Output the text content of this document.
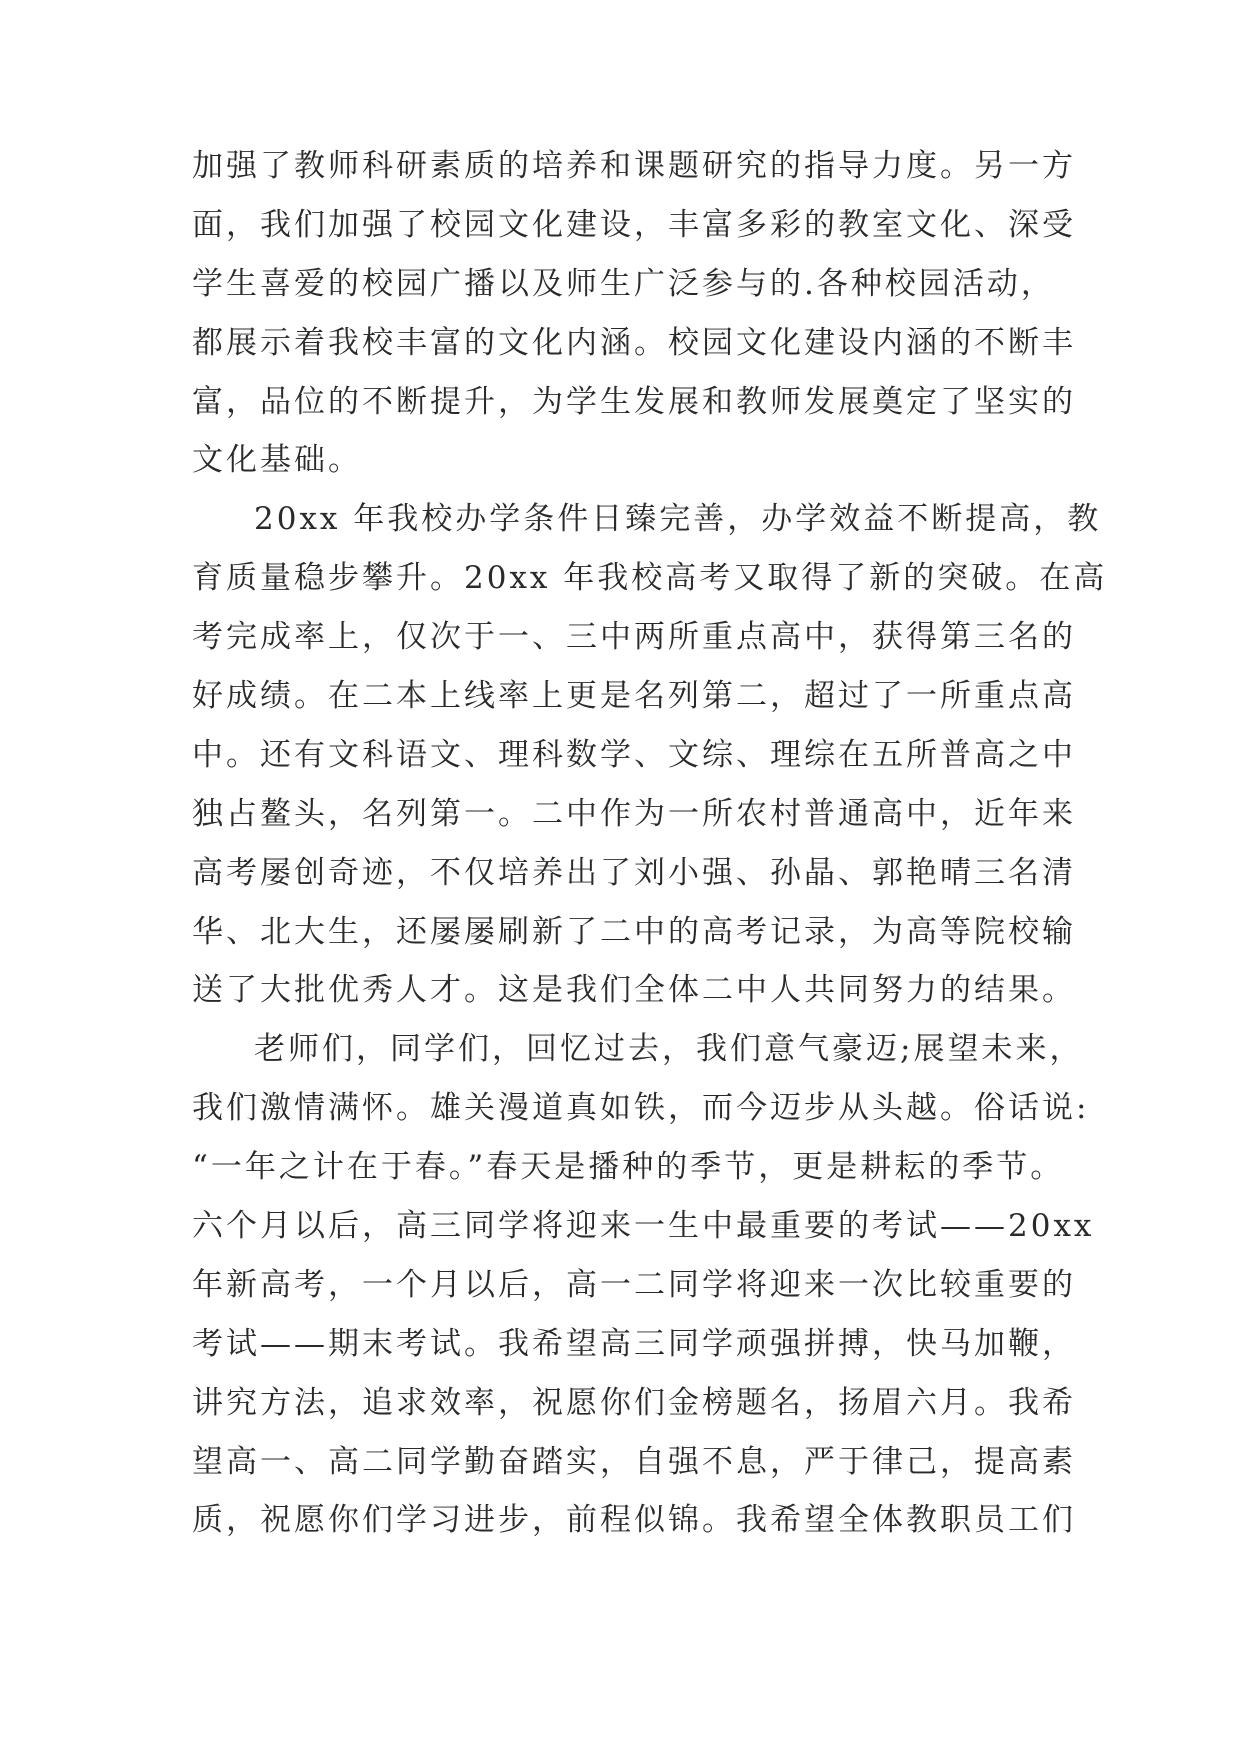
加强了教师科研素质的培养和课题研究的指导力度。另一方
面，我们加强了校园文化建设，丰富多彩的教室文化、深受
学生喜爱的校园广播以及师生广泛参与的.各种校园活动，
都展示着我校丰富的文化内涵。校园文化建设内涵的不断丰
富，品位的不断提升，为学生发展和教师发展奠定了坚实的
文化基础。
20xx 年我校办学条件日臻完善，办学效益不断提高，教
育质量稳步攀升。20xx 年我校高考又取得了新的突破。在高
考完成率上，仅次于一、三中两所重点高中，获得第三名的
好成绩。在二本上线率上更是名列第二，超过了一所重点高
中。还有文科语文、理科数学、文综、理综在五所普高之中
独占鳌头，名列第一。二中作为一所农村普通高中，近年来
高考屡创奇迹，不仅培养出了刘小强、孙晶、郭艳晴三名清
华、北大生，还屡屡刷新了二中的高考记录，为高等院校输
送了大批优秀人才。这是我们全体二中人共同努力的结果。
老师们，同学们，回忆过去，我们意气豪迈;展望未来，
我们激情满怀。雄关漫道真如铁，而今迈步从头越。俗话说:
“一年之计在于春。”春天是播种的季节，更是耕耘的季节。
六个月以后，高三同学将迎来一生中最重要的考试——20xx
年新高考，一个月以后，高一二同学将迎来一次比较重要的
考试——期末考试。我希望高三同学顽强拼搏，快马加鞭，
讲究方法，追求效率，祝愿你们金榜题名，扬眉六月。我希
望高一、高二同学勤奋踏实，自强不息，严于律己，提高素
质，祝愿你们学习进步，前程似锦。我希望全体教职员工们
